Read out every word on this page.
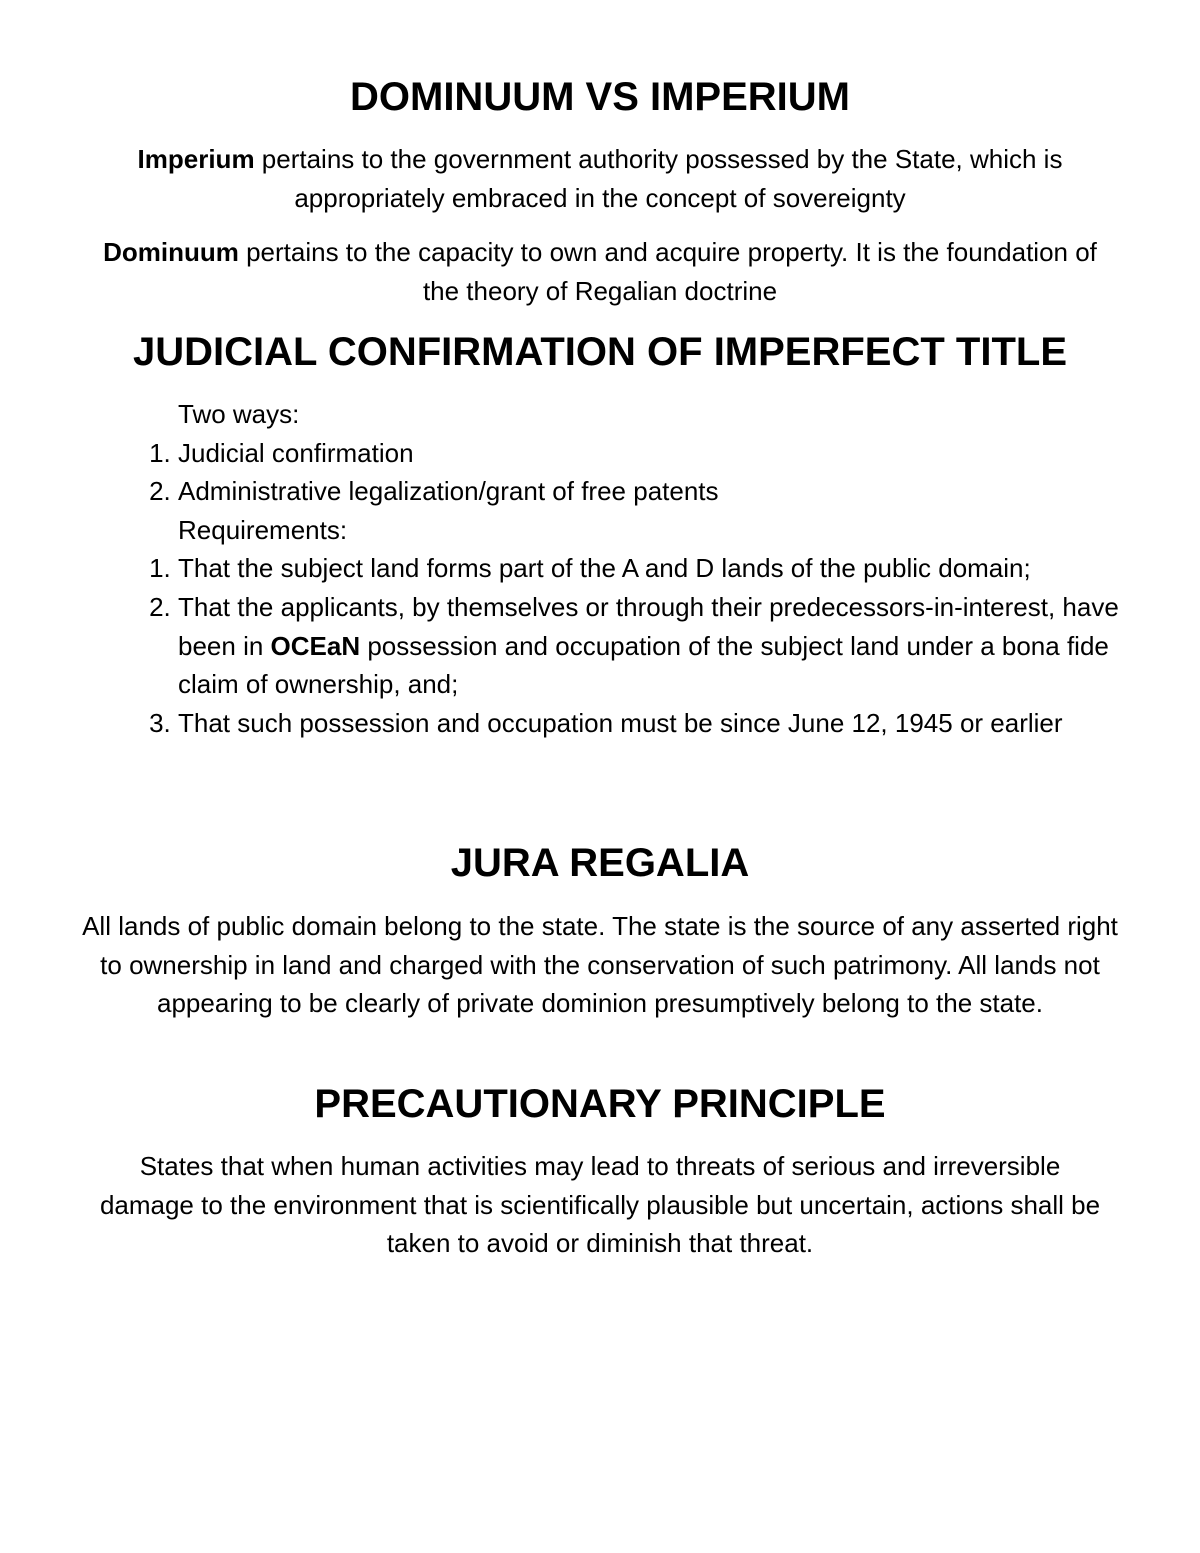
DOMINUUM VS IMPERIUM

Imperium pertains to the government authority possessed by the State, which is appropriately embraced in the concept of sovereignty

Dominuum pertains to the capacity to own and acquire property. It is the foundation of the theory of Regalian doctrine

JUDICIAL CONFIRMATION OF IMPERFECT TITLE

Two ways:

1. Judicial confirmation
2. Administrative legalization/grant of free patents

Requirements:

1. That the subject land forms part of the A and D lands of the public domain;
2. That the applicants, by themselves or through their predecessors-in-interest, have been in OCEaN possession and occupation of the subject land under a bona fide claim of ownership, and;
3. That such possession and occupation must be since June 12, 1945 or earlier
JURA REGALIA

All lands of public domain belong to the state. The state is the source of any asserted right to ownership in land and charged with the conservation of such patrimony. All lands not appearing to be clearly of private dominion presumptively belong to the state.

PRECAUTIONARY PRINCIPLE

States that when human activities may lead to threats of serious and irreversible damage to the environment that is scientifically plausible but uncertain, actions shall be taken to avoid or diminish that threat.
